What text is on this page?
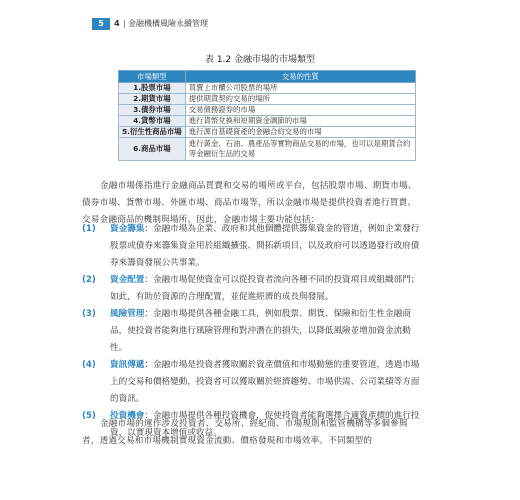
5	4 金融機構風險永續管理
表 1.2 金融市場的市場類型
市場類型	交易的性質
1.股票市場	買賣上市櫃公司股票的場所
2.期貨市場	提供期貨契約交易的場所
3.債券市場	交易債務證券的市場
4.貨幣市場	進行貨幣兌換和短期資金調節的市場
5.衍生性商品市場	進行源自基礎資產的金融合約交易的市場
6.商品市場	進行黃金、石油、農產品等實物商品交易的市場，也可以是期貨合約等金融衍生品的交易

金融市場係指進行金融商品買賣和交易的場所或平台，包括股票市場、期貨市場、債券市場、貨幣市場、外匯市場、商品市場等，所以金融市場是提供投資者進行買賣、交易金融商品的機制與場所。因此，金融市場主要功能包括：

(1) 資金籌集：金融市場為企業、政府和其他個體提供籌集資金的管道，例如企業發行股票或債券來籌集資金用於組織擴張、開拓新項目，以及政府可以透過發行政府債券來籌資發展公共事業。

(2) 資金配置：金融市場促使資金可以從投資者流向各種不同的投資項目或組織部門；如此，有助於資源的合理配置，並促進經濟的成長與發展。

(3) 風險管理：金融市場提供各種金融工具，例如股票、期貨、保險和衍生性金融商品，使投資者能夠進行風險管理和對沖潛在的損失，以降低風險並增加資金流動性。

(4) 資訊傳遞：金融市場是投資者獲取關於資產價值和市場動態的重要管道，透過市場上的交易和價格變動，投資者可以獲取關於經濟趨勢、市場供需、公司業績等方面的資訊。

(5) 投資機會：金融市場提供各種投資機會，促使投資者能夠選擇合適資產標的進行投資，以實現資本增值或收益。

金融市場的運作涉及投資者、交易所、經紀商、市場規則和監管機構等多個參與者，透過交易和市場機制實現資金流動、價格發現和市場效率。不同類型的
